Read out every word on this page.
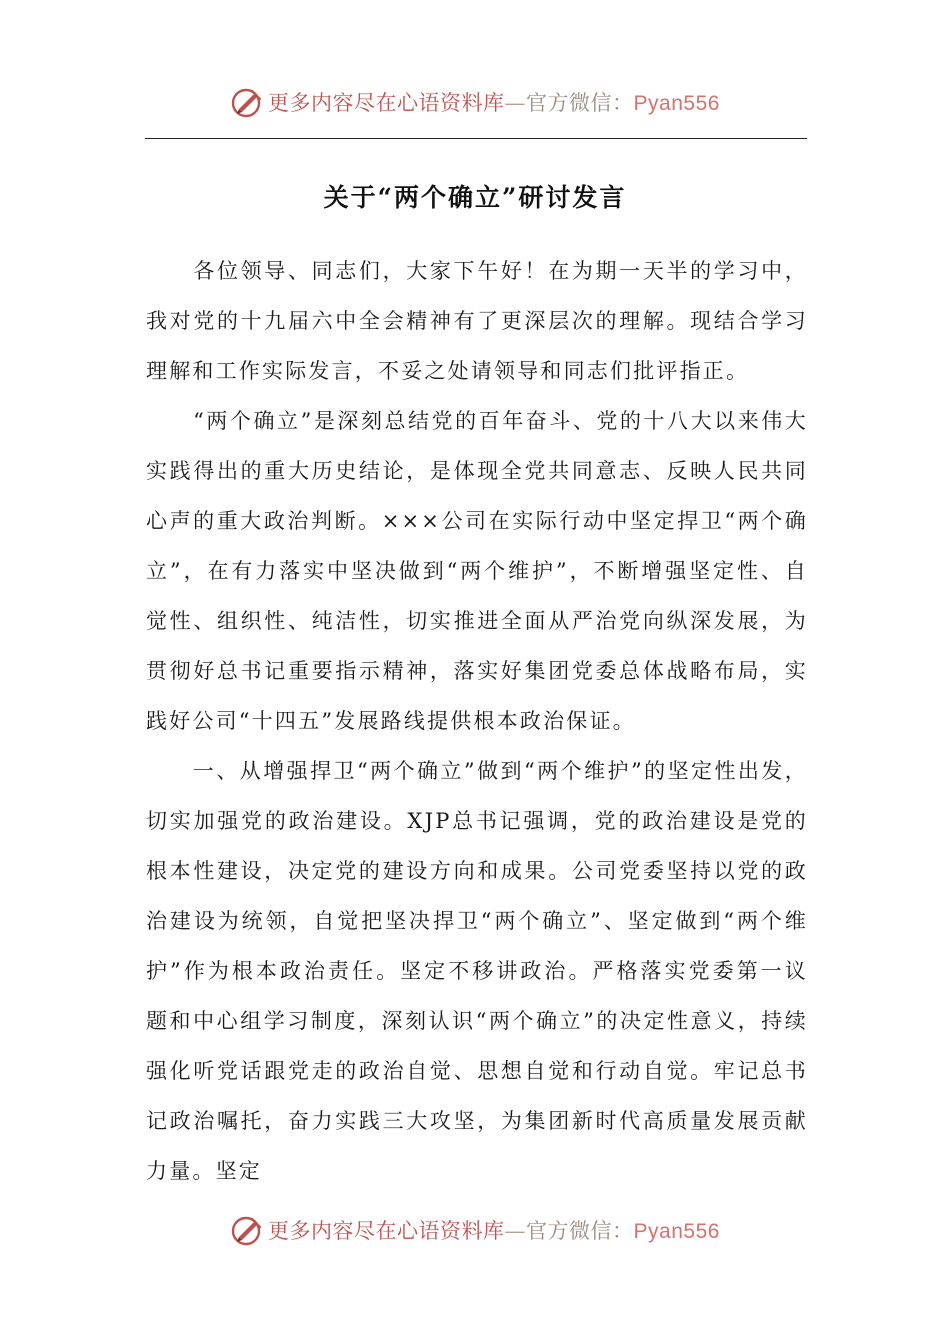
更多内容尽在心语资料库—官方微信：Pyan556
关于“两个确立”研讨发言

　　各位领导、同志们，大家下午好！在为期一天半的学习中，我对党的十九届六中全会精神有了更深层次的理解。现结合学习理解和工作实际发言，不妥之处请领导和同志们批评指正。

　　“两个确立”是深刻总结党的百年奋斗、党的十八大以来伟大实践得出的重大历史结论，是体现全党共同意志、反映人民共同心声的重大政治判断。×××公司在实际行动中坚定捍卫“两个确立”，在有力落实中坚决做到“两个维护”，不断增强坚定性、自觉性、组织性、纯洁性，切实推进全面从严治党向纵深发展，为贯彻好总书记重要指示精神，落实好集团党委总体战略布局，实践好公司“十四五”发展路线提供根本政治保证。

　　一、从增强捍卫“两个确立”做到“两个维护”的坚定性出发，切实加强党的政治建设。XJP总书记强调，党的政治建设是党的根本性建设，决定党的建设方向和成果。公司党委坚持以党的政治建设为统领，自觉把坚决捍卫“两个确立”、坚定做到“两个维护”作为根本政治责任。坚定不移讲政治。严格落实党委第一议题和中心组学习制度，深刻认识“两个确立”的决定性意义，持续强化听党话跟党走的政治自觉、思想自觉和行动自觉。牢记总书记政治嘱托，奋力实践三大攻坚，为集团新时代高质量发展贡献力量。坚定

更多内容尽在心语资料库—官方微信：Pyan556
